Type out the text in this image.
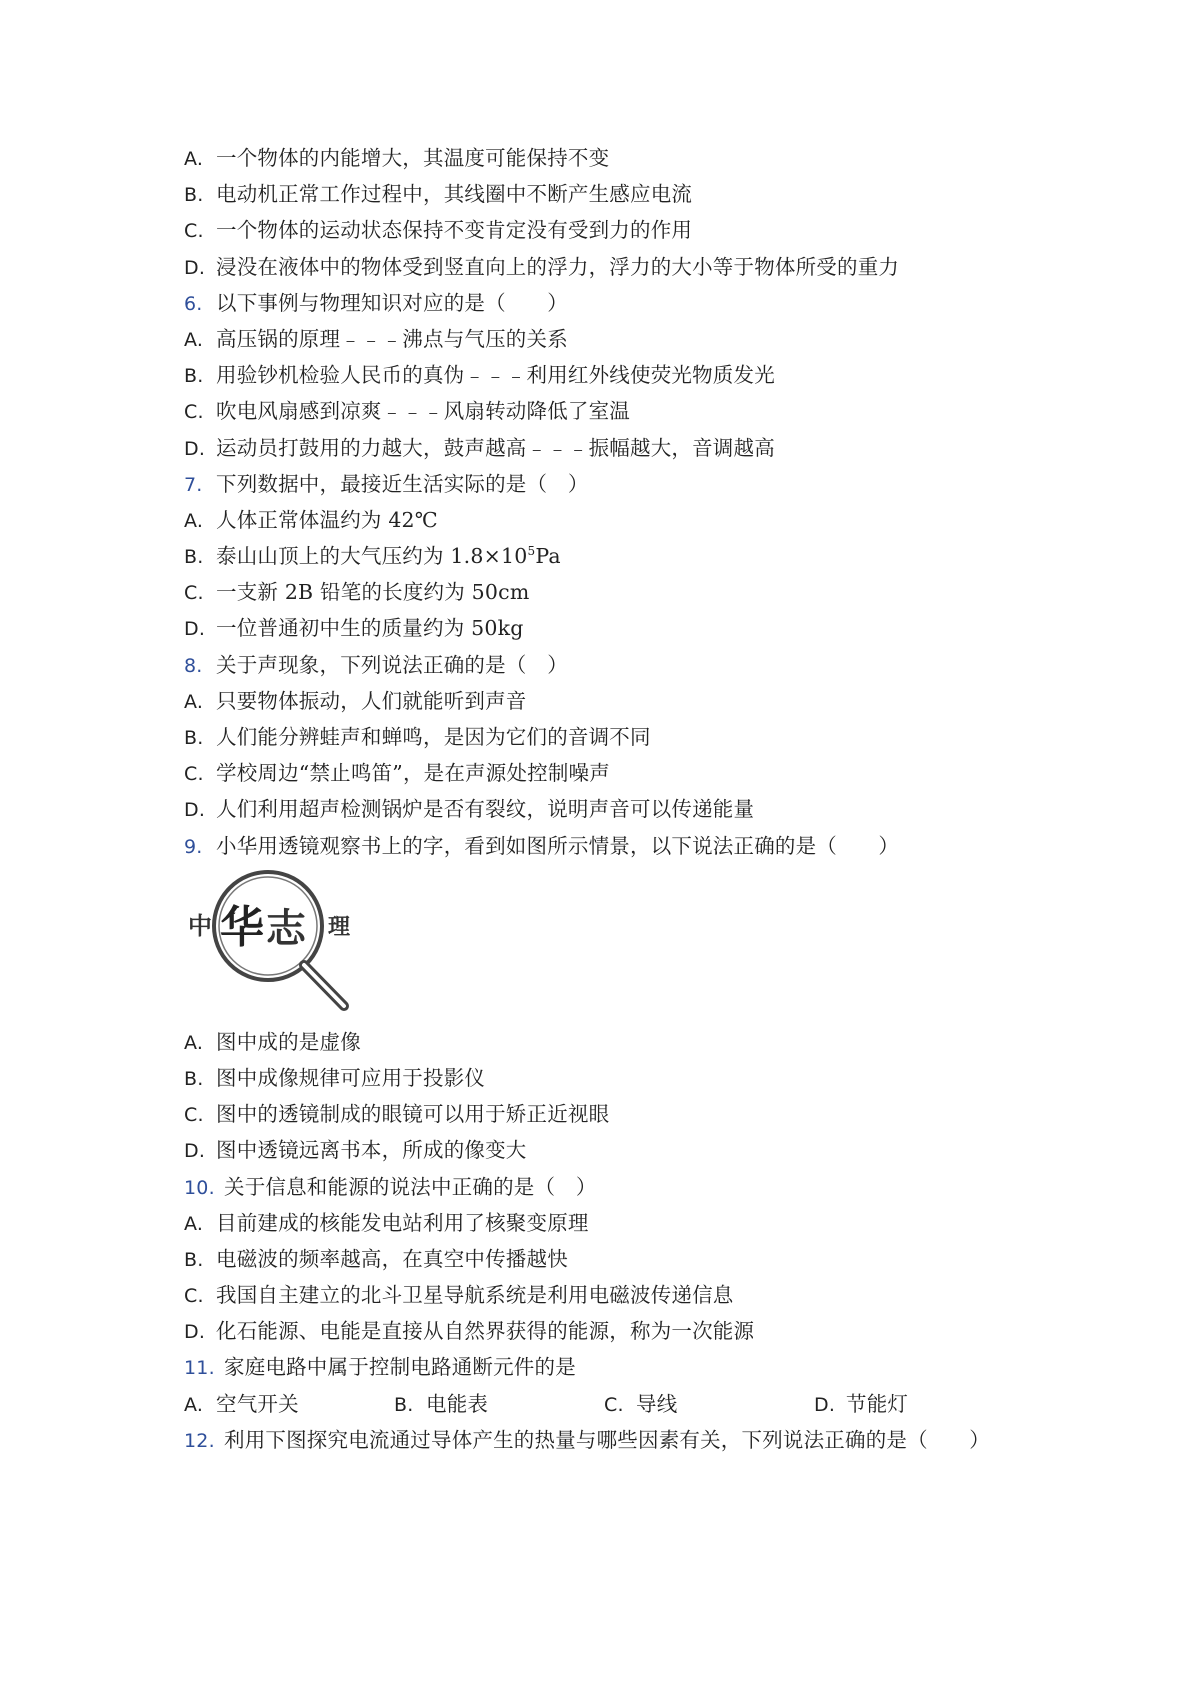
A. 一个物体的内能增大，其温度可能保持不变
B. 电动机正常工作过程中，其线圈中不断产生感应电流
C. 一个物体的运动状态保持不变肯定没有受到力的作用
D. 浸没在液体中的物体受到竖直向上的浮力，浮力的大小等于物体所受的重力
6. 以下事例与物理知识对应的是（　　）
A. 高压锅的原理﹣﹣﹣沸点与气压的关系
B. 用验钞机检验人民币的真伪﹣﹣﹣利用红外线使荧光物质发光
C. 吹电风扇感到凉爽﹣﹣﹣风扇转动降低了室温
D. 运动员打鼓用的力越大，鼓声越高﹣﹣﹣振幅越大，音调越高
7. 下列数据中，最接近生活实际的是（　）
A. 人体正常体温约为 42℃
B. 泰山山顶上的大气压约为 $1.8\times 10^5Pa$
C. 一支新 2B 铅笔的长度约为 50cm
D. 一位普通初中生的质量约为 50kg
8. 关于声现象，下列说法正确的是（　）
A. 只要物体振动，人们就能听到声音
B. 人们能分辨蛙声和蝉鸣，是因为它们的音调不同
C. 学校周边“禁止鸣笛”，是在声源处控制噪声
D. 人们利用超声检测锅炉是否有裂纹，说明声音可以传递能量
9. 小华用透镜观察书上的字，看到如图所示情景，以下说法正确的是（　　）
中 华 志 理
A. 图中成的是虚像
B. 图中成像规律可应用于投影仪
C. 图中的透镜制成的眼镜可以用于矫正近视眼
D. 图中透镜远离书本，所成的像变大
10. 关于信息和能源的说法中正确的是（　）
A. 目前建成的核能发电站利用了核聚变原理
B. 电磁波的频率越高，在真空中传播越快
C. 我国自主建立的北斗卫星导航系统是利用电磁波传递信息
D. 化石能源、电能是直接从自然界获得的能源，称为一次能源
11. 家庭电路中属于控制电路通断元件的是
A. 空气开关	B. 电能表	C. 导线	D. 节能灯
12. 利用下图探究电流通过导体产生的热量与哪些因素有关，下列说法正确的是（　　）
